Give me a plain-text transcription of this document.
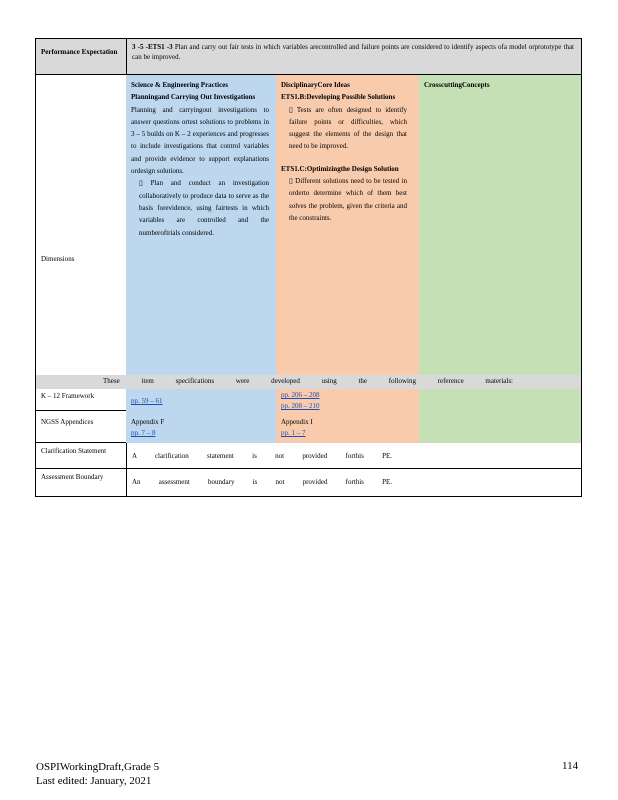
Performance Expectation
3 -5 -ETS1 -3 Plan and carry out fair tests in which variables arecontrolled and failure points are considered to identify aspects ofa model orprototype that can be improved.
Dimensions
Science & Engineering Practices
Planningand Carrying Out Investigations
Planning and carryingout investigations to answer questions ortest solutions to problems in 3 – 5 builds on K – 2 experiences and progresses to include investigations that control variables and provide evidence to support explanations ordesign solutions.
▯ Plan and conduct an investigation collaboratively to produce data to serve as the basis forevidence, using fairtests in which variables are controlled and the numberoftrials considered.
DisciplinaryCore Ideas
ETS1.B:Developing Possible Solutions
▯ Tests are often designed to identify failure points or difficulties, which suggest the elements of the design that need to be improved.
ETS1.C:Optimizingthe Design Solution
▯ Different solutions need to be tested in orderto determine which of them best solves the problem, given the criteria and the constraints.
CrosscuttingConcepts
These item specifications were developed using the following reference materials:
K – 12 Framework
NGSS Appendices
pp. 59 – 61
Appendix F
pp. 7 – 8
pp. 206 – 208
pp. 208 – 210
Appendix I
pp. 1 – 7
Clarification Statement
A clarification statement is not provided forthis PE.
Assessment Boundary
An assessment boundary is not provided forthis PE.
OSPIWorkingDraft,Grade 5
Last edited: January, 2021
114
